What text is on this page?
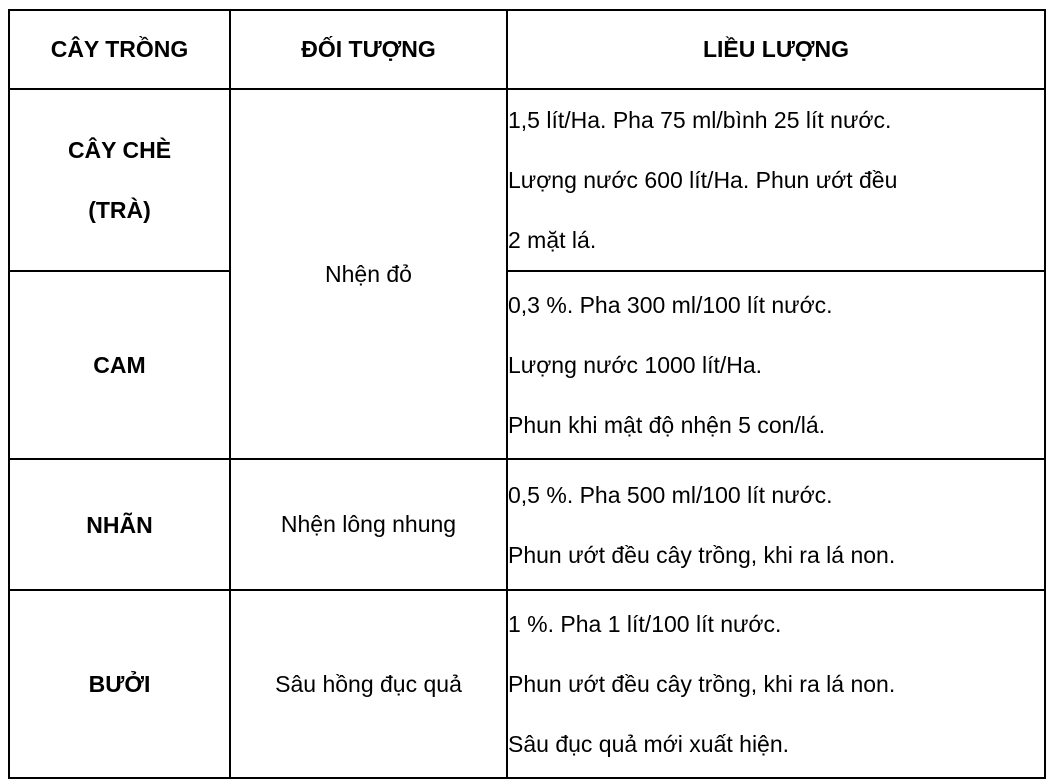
CÂY TRỒNG	ĐỐI TƯỢNG	LIỀU LƯỢNG

CÂY CHÈ
(TRÀ)	Nhện đỏ	1,5 lít/Ha. Pha 75 ml/bình 25 lít nước.
Lượng nước 600 lít/Ha. Phun ướt đều
2 mặt lá.

CAM		0,3 %. Pha 300 ml/100 lít nước.
Lượng nước 1000 lít/Ha.
Phun khi mật độ nhện 5 con/lá.

NHÃN	Nhện lông nhung	0,5 %. Pha 500 ml/100 lít nước.
Phun ướt đều cây trồng, khi ra lá non.

BƯỞI	Sâu hồng đục quả	1 %. Pha 1 lít/100 lít nước.
Phun ướt đều cây trồng, khi ra lá non.
Sâu đục quả mới xuất hiện.
